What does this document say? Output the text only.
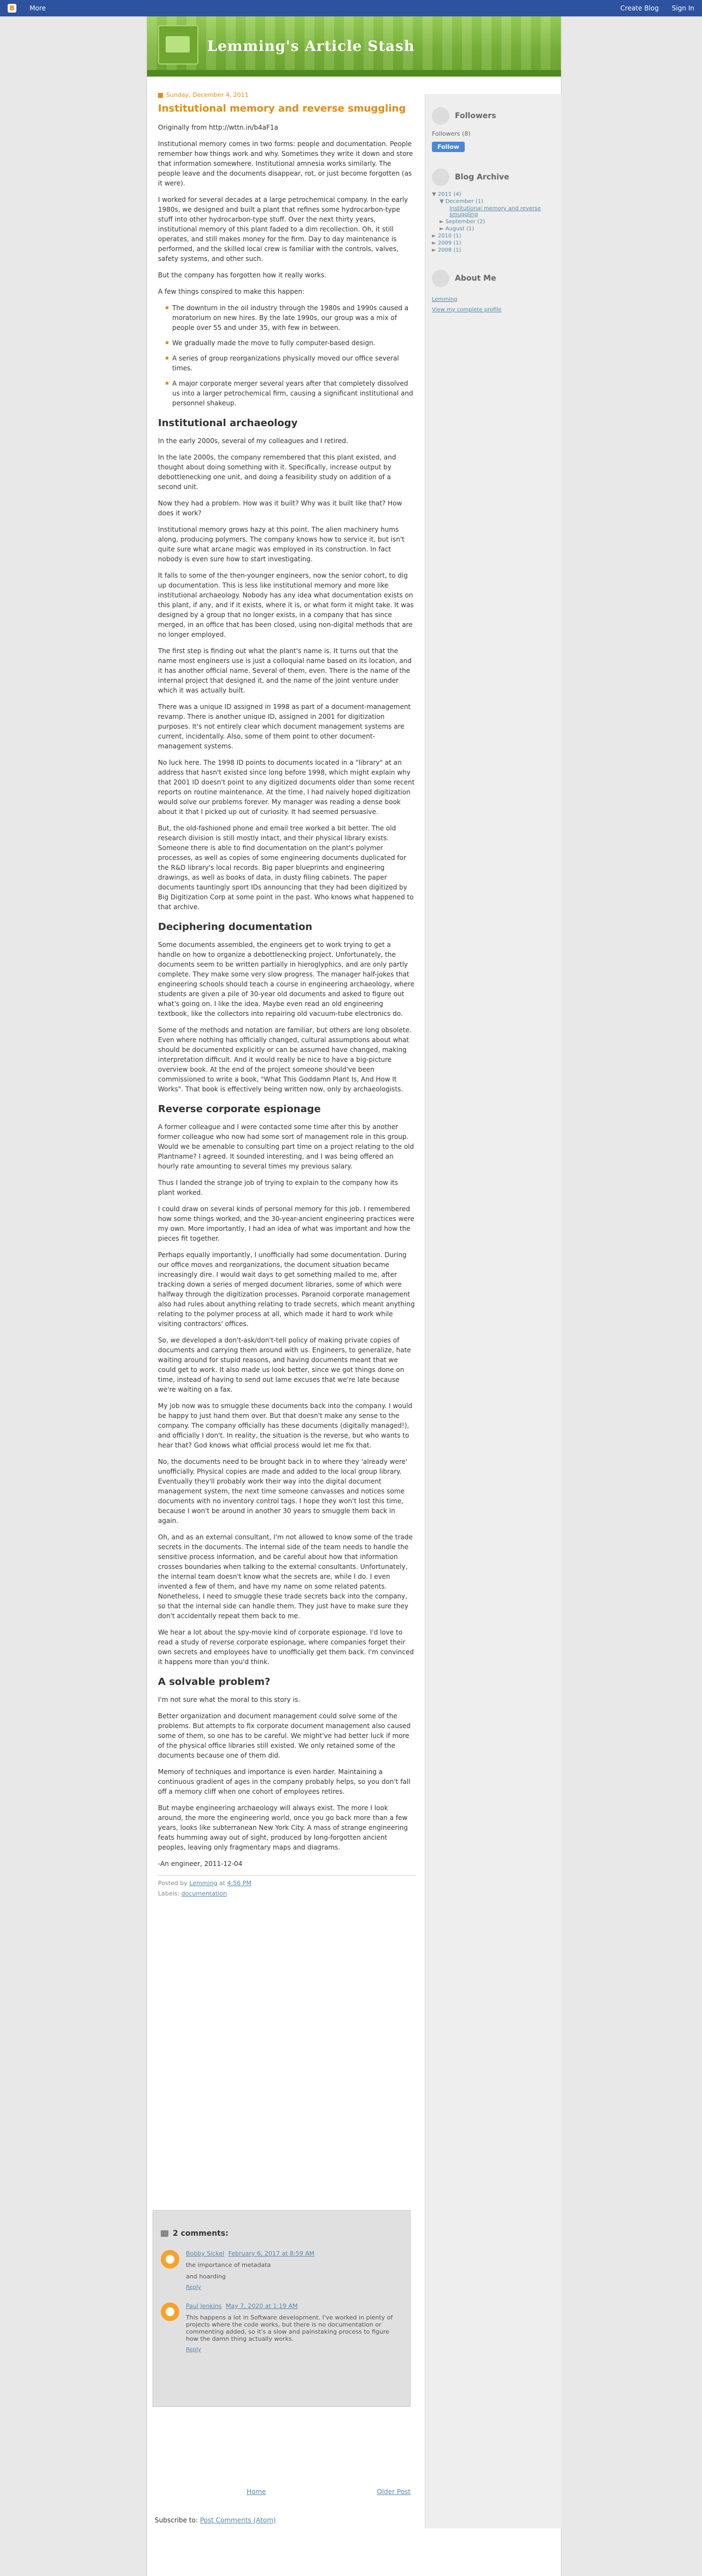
B More	Create Blog Sign In
Lemming's Article Stash
Sunday, December 4, 2011
Institutional memory and reverse smuggling

Originally from http://wttn.in/b4aF1a

Institutional memory comes in two forms: people and documentation. People remember how things work and why. Sometimes they write it down and store that information somewhere. Institutional amnesia works similarly. The people leave and the documents disappear, rot, or just become forgotten (as it were).

I worked for several decades at a large petrochemical company. In the early 1980s, we designed and built a plant that refines some hydrocarbon-type stuff into other hydrocarbon-type stuff. Over the next thirty years, institutional memory of this plant faded to a dim recollection. Oh, it still operates, and still makes money for the firm. Day to day maintenance is performed, and the skilled local crew is familiar with the controls, valves, safety systems, and other such.

But the company has forgotten how it really works.

A few things conspired to make this happen:

The downturn in the oil industry through the 1980s and 1990s caused a moratorium on new hires. By the late 1990s, our group was a mix of people over 55 and under 35, with few in between.
We gradually made the move to fully computer-based design.
A series of group reorganizations physically moved our office several times.
A major corporate merger several years after that completely dissolved us into a larger petrochemical firm, causing a significant institutional and personnel shakeup.
Institutional archaeology

In the early 2000s, several of my colleagues and I retired.

In the late 2000s, the company remembered that this plant existed, and thought about doing something with it. Specifically, increase output by debottlenecking one unit, and doing a feasibility study on addition of a second unit.

Now they had a problem. How was it built? Why was it built like that? How does it work?

Institutional memory grows hazy at this point. The alien machinery hums along, producing polymers. The company knows how to service it, but isn't quite sure what arcane magic was employed in its construction. In fact nobody is even sure how to start investigating.

It falls to some of the then-younger engineers, now the senior cohort, to dig up documentation. This is less like institutional memory and more like institutional archaeology. Nobody has any idea what documentation exists on this plant, if any, and if it exists, where it is, or what form it might take. It was designed by a group that no longer exists, in a company that has since merged, in an office that has been closed, using non-digital methods that are no longer employed.

The first step is finding out what the plant's name is. It turns out that the name most engineers use is just a colloquial name based on its location, and it has another official name. Several of them, even. There is the name of the internal project that designed it, and the name of the joint venture under which it was actually built.

There was a unique ID assigned in 1998 as part of a document-management revamp. There is another unique ID, assigned in 2001 for digitization purposes. It's not entirely clear which document management systems are current, incidentally. Also, some of them point to other document-management systems.

No luck here. The 1998 ID points to documents located in a "library" at an address that hasn't existed since long before 1998, which might explain why that 2001 ID doesn't point to any digitized documents older than some recent reports on routine maintenance. At the time, I had naively hoped digitization would solve our problems forever. My manager was reading a dense book about it that I picked up out of curiosity. It had seemed persuasive.

But, the old-fashioned phone and email tree worked a bit better. The old research division is still mostly intact, and their physical library exists. Someone there is able to find documentation on the plant's polymer processes, as well as copies of some engineering documents duplicated for the R&D library's local records. Big paper blueprints and engineering drawings, as well as books of data, in dusty filing cabinets. The paper documents tauntingly sport IDs announcing that they had been digitized by Big Digitization Corp at some point in the past. Who knows what happened to that archive.

Deciphering documentation

Some documents assembled, the engineers get to work trying to get a handle on how to organize a debottlenecking project. Unfortunately, the documents seem to be written partially in hieroglyphics, and are only partly complete. They make some very slow progress. The manager half-jokes that engineering schools should teach a course in engineering archaeology, where students are given a pile of 30-year old documents and asked to figure out what's going on. I like the idea. Maybe even read an old engineering textbook, like the collectors into repairing old vacuum-tube electronics do.

Some of the methods and notation are familiar, but others are long obsolete. Even where nothing has officially changed, cultural assumptions about what should be documented explicitly or can be assumed have changed, making interpretation difficult. And it would really be nice to have a big-picture overview book. At the end of the project someone should've been commissioned to write a book, "What This Goddamn Plant Is, And How It Works". That book is effectively being written now, only by archaeologists.

Reverse corporate espionage

A former colleague and I were contacted some time after this by another former colleague who now had some sort of management role in this group. Would we be amenable to consulting part time on a project relating to the old Plantname? I agreed. It sounded interesting, and I was being offered an hourly rate amounting to several times my previous salary.

Thus I landed the strange job of trying to explain to the company how its plant worked.

I could draw on several kinds of personal memory for this job. I remembered how some things worked, and the 30-year-ancient engineering practices were my own. More importantly, I had an idea of what was important and how the pieces fit together.

Perhaps equally importantly, I unofficially had some documentation. During our office moves and reorganizations, the document situation became increasingly dire. I would wait days to get something mailed to me, after tracking down a series of merged document libraries, some of which were halfway through the digitization processes. Paranoid corporate management also had rules about anything relating to trade secrets, which meant anything relating to the polymer process at all, which made it hard to work while visiting contractors' offices.

So, we developed a don't-ask/don't-tell policy of making private copies of documents and carrying them around with us. Engineers, to generalize, hate waiting around for stupid reasons, and having documents meant that we could get to work. It also made us look better, since we got things done on time, instead of having to send out lame excuses that we're late because we're waiting on a fax.

My job now was to smuggle these documents back into the company. I would be happy to just hand them over. But that doesn't make any sense to the company. The company officially has these documents (digitally managed!), and officially I don't. In reality, the situation is the reverse, but who wants to hear that? God knows what official process would let me fix that.

No, the documents need to be brought back in to where they 'already were' unofficially. Physical copies are made and added to the local group library. Eventually they'll probably work their way into the digital document management system, the next time someone canvasses and notices some documents with no inventory control tags. I hope they won't lost this time, because I won't be around in another 30 years to smuggle them back in again.

Oh, and as an external consultant, I'm not allowed to know some of the trade secrets in the documents. The internal side of the team needs to handle the sensitive process information, and be careful about how that information crosses boundaries when talking to the external consultants. Unfortunately, the internal team doesn't know what the secrets are, while I do. I even invented a few of them, and have my name on some related patents. Nonetheless, I need to smuggle these trade secrets back into the company, so that the internal side can handle them. They just have to make sure they don't accidentally repeat them back to me.

We hear a lot about the spy-movie kind of corporate espionage. I'd love to read a study of reverse corporate espionage, where companies forget their own secrets and employees have to unofficially get them back. I'm convinced it happens more than you'd think.

A solvable problem?

I'm not sure what the moral to this story is.

Better organization and document management could solve some of the problems. But attempts to fix corporate document management also caused some of them, so one has to be careful. We might've had better luck if more of the physical office libraries still existed. We only retained some of the documents because one of them did.

Memory of techniques and importance is even harder. Maintaining a continuous gradient of ages in the company probably helps, so you don't fall off a memory cliff when one cohort of employees retires.

But maybe engineering archaeology will always exist. The more I look around, the more the engineering world, once you go back more than a few years, looks like subterranean New York City. A mass of strange engineering feats humming away out of sight, produced by long-forgotten ancient peoples, leaving only fragmentary maps and diagrams.

-An engineer, 2011-12-04

Posted by Lemming at 4:56 PM
Labels: documentation
2 comments:
Bobby Sickel February 6, 2017 at 8:59 AM
the importance of metadata
and hoarding
Reply
Paul Jenkins May 7, 2020 at 1:19 AM
This happens a lot in Software development. I've worked in plenty of projects where the code works, but there is no documentation or commenting added, so it's a slow and painstaking process to figure how the damn thing actually works.
Reply
Home	Older Post
Subscribe to: Post Comments (Atom)
Followers
Followers (8)
Follow
Blog Archive
▼ 2011 (4)
▼ December (1)
Institutional memory and reverse smuggling
► September (2)
► August (1)
► 2010 (1)
► 2009 (1)
► 2008 (1)
About Me
Lemming
View my complete profile
